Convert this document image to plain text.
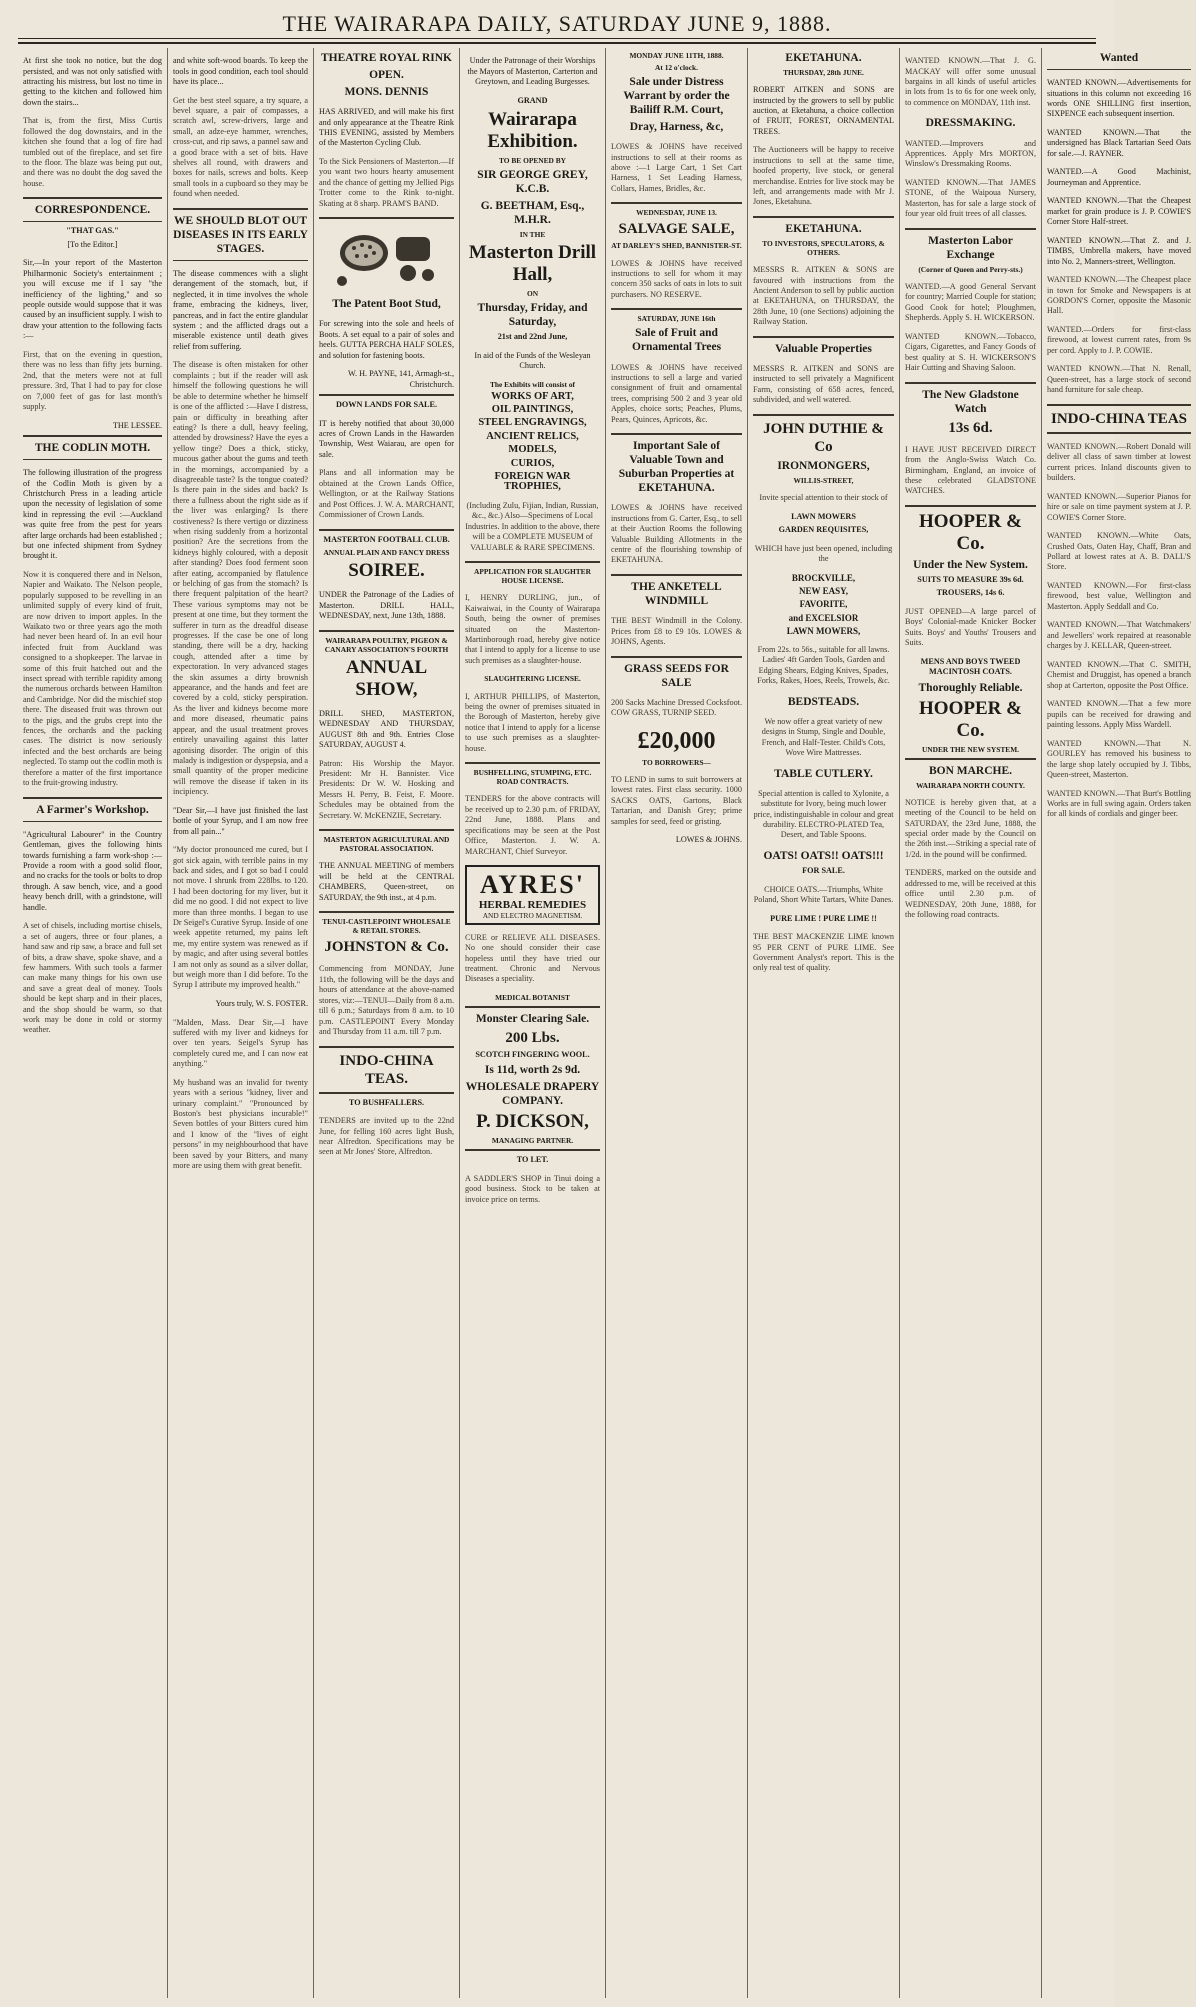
THE WAIRARAPA DAILY, SATURDAY JUNE 9, 1888.

At first she took no notice, but the dog persisted, and was not only satisfied with attracting his mistress, but lost no time in getting to the kitchen and followed him down the stairs...

That is, from the first, Miss Curtis followed the dog downstairs, and in the kitchen she found that a log of fire had tumbled out of the fireplace, and set fire to the floor. The blaze was being put out, and there was no doubt the dog saved the house.

CORRESPONDENCE.
"THAT GAS."
[To the Editor.]

Sir,—In your report of the Masterton Philharmonic Society's entertainment ; you will excuse me if I say "the inefficiency of the lighting," and so people outside would suppose that it was caused by an insufficient supply. I wish to draw your attention to the following facts :—

First, that on the evening in question, there was no less than fifty jets burning. 2nd, that the meters were not at full pressure. 3rd, That I had to pay for close on 7,000 feet of gas for last month's supply.

THE LESSEE.
THE CODLIN MOTH.

The following illustration of the progress of the Codlin Moth is given by a Christchurch Press in a leading article upon the necessity of legislation of some kind in repressing the evil :—Auckland was quite free from the pest for years after large orchards had been established ; but one infected shipment from Sydney brought it.

Now it is conquered there and in Nelson, Napier and Waikato. The Nelson people, popularly supposed to be revelling in an unlimited supply of every kind of fruit, are now driven to import apples. In the Waikato two or three years ago the moth had never been heard of. In an evil hour infected fruit from Auckland was consigned to a shopkeeper. The larvae in some of this fruit hatched out and the insect spread with terrible rapidity among the numerous orchards between Hamilton and Cambridge. Nor did the mischief stop there. The diseased fruit was thrown out to the pigs, and the grubs crept into the fences, the orchards and the packing cases. The district is now seriously infected and the best orchards are being neglected. To stamp out the codlin moth is therefore a matter of the first importance to the fruit-growing industry.

A Farmer's Workshop.

"Agricultural Labourer" in the Country Gentleman, gives the following hints towards furnishing a farm work-shop :—Provide a room with a good solid floor, and no cracks for the tools or bolts to drop through. A saw bench, vice, and a good heavy bench drill, with a grindstone, will handle.

A set of chisels, including mortise chisels, a set of augers, three or four planes, a hand saw and rip saw, a brace and full set of bits, a draw shave, spoke shave, and a few hammers. With such tools a farmer can make many things for his own use and save a great deal of money. Tools should be kept sharp and in their places, and the shop should be warm, so that work may be done in cold or stormy weather.

and white soft-wood boards. To keep the tools in good condition, each tool should have its place...

Get the best steel square, a try square, a bevel square, a pair of compasses, a scratch awl, screw-drivers, large and small, an adze-eye hammer, wrenches, cross-cut, and rip saws, a pannel saw and a good brace with a set of bits. Have shelves all round, with drawers and boxes for nails, screws and bolts. Keep small tools in a cupboard so they may be found when needed.

WE SHOULD BLOT OUT DISEASES IN ITS EARLY STAGES.

The disease commences with a slight derangement of the stomach, but, if neglected, it in time involves the whole frame, embracing the kidneys, liver, pancreas, and in fact the entire glandular system ; and the afflicted drags out a miserable existence until death gives relief from suffering.

The disease is often mistaken for other complaints ; but if the reader will ask himself the following questions he will be able to determine whether he himself is one of the afflicted :—Have I distress, pain or difficulty in breathing after eating? Is there a dull, heavy feeling, attended by drowsiness? Have the eyes a yellow tinge? Does a thick, sticky, mucous gather about the gums and teeth in the mornings, accompanied by a disagreeable taste? Is the tongue coated? Is there pain in the sides and back? Is there a fullness about the right side as if the liver was enlarging? Is there costiveness? Is there vertigo or dizziness when rising suddenly from a horizontal position? Are the secretions from the kidneys highly coloured, with a deposit after standing? Does food ferment soon after eating, accompanied by flatulence or belching of gas from the stomach? Is there frequent palpitation of the heart? These various symptoms may not be present at one time, but they torment the sufferer in turn as the dreadful disease progresses. If the case be one of long standing, there will be a dry, hacking cough, attended after a time by expectoration. In very advanced stages the skin assumes a dirty brownish appearance, and the hands and feet are covered by a cold, sticky perspiration. As the liver and kidneys become more and more diseased, rheumatic pains appear, and the usual treatment proves entirely unavailing against this latter agonising disorder. The origin of this malady is indigestion or dyspepsia, and a small quantity of the proper medicine will remove the disease if taken in its incipiency.

"Dear Sir,—I have just finished the last bottle of your Syrup, and I am now free from all pain..."

"My doctor pronounced me cured, but I got sick again, with terrible pains in my back and sides, and I got so bad I could not move. I shrunk from 228lbs. to 120. I had been doctoring for my liver, but it did me no good. I did not expect to live more than three months. I began to use Dr Seigel's Curative Syrup. Inside of one week appetite returned, my pains left me, my entire system was renewed as if by magic, and after using several bottles I am not only as sound as a silver dollar, but weigh more than I did before. To the Syrup I attribute my improved health."

Yours truly, W. S. FOSTER.

"Malden, Mass. Dear Sir,—I have suffered with my liver and kidneys for over ten years. Seigel's Syrup has completely cured me, and I can now eat anything."

My husband was an invalid for twenty years with a serious "kidney, liver and urinary complaint." "Pronounced by Boston's best physicians incurable!" Seven bottles of your Bitters cured him and I know of the "lives of eight persons" in my neighbourhood that have been saved by your Bitters, and many more are using them with great benefit.

THEATRE ROYAL RINK
OPEN.
MONS. DENNIS

HAS ARRIVED, and will make his first and only appearance at the Theatre Rink THIS EVENING, assisted by Members of the Masterton Cycling Club.

To the Sick Pensioners of Masterton.—If you want two hours hearty amusement and the chance of getting my Jellied Pigs Trotter come to the Rink to-night. Skating at 8 sharp. PRAM'S BAND.

The Patent Boot Stud,

For screwing into the sole and heels of Boots. A set equal to a pair of soles and heels. GUTTA PERCHA HALF SOLES, and solution for fastening boots.

W. H. PAYNE, 141, Armagh-st., Christchurch.
DOWN LANDS FOR SALE.

IT is hereby notified that about 30,000 acres of Crown Lands in the Hawarden Township, West Waiarau, are open for sale.

Plans and all information may be obtained at the Crown Lands Office, Wellington, or at the Railway Stations and Post Offices. J. W. A. MARCHANT, Commissioner of Crown Lands.

MASTERTON FOOTBALL CLUB.
ANNUAL PLAIN AND FANCY DRESS
SOIREE.

UNDER the Patronage of the Ladies of Masterton. DRILL HALL, WEDNESDAY, next, June 13th, 1888.

WAIRARAPA POULTRY, PIGEON & CANARY ASSOCIATION'S FOURTH
ANNUAL SHOW,

DRILL SHED, MASTERTON, WEDNESDAY AND THURSDAY, AUGUST 8th and 9th. Entries Close SATURDAY, AUGUST 4.

Patron: His Worship the Mayor. President: Mr H. Bannister. Vice Presidents: Dr W. W. Hosking and Messrs H. Perry, B. Feist, F. Moore. Schedules may be obtained from the Secretary. W. McKENZIE, Secretary.

MASTERTON AGRICULTURAL AND PASTORAL ASSOCIATION.

THE ANNUAL MEETING of members will be held at the CENTRAL CHAMBERS, Queen-street, on SATURDAY, the 9th inst., at 4 p.m.

TENUI-CASTLEPOINT WHOLESALE & RETAIL STORES.
JOHNSTON & Co.

Commencing from MONDAY, June 11th, the following will be the days and hours of attendance at the above-named stores, viz:—TENUI—Daily from 8 a.m. till 6 p.m.; Saturdays from 8 a.m. to 10 p.m. CASTLEPOINT Every Monday and Thursday from 11 a.m. till 7 p.m.

INDO-CHINA TEAS.
TO BUSHFALLERS.

TENDERS are invited up to the 22nd June, for felling 160 acres light Bush, near Alfredton. Specifications may be seen at Mr Jones' Store, Alfredton.

Under the Patronage of their Worships the Mayors of Masterton, Carterton and Greytown, and Leading Burgesses.

GRAND
Wairarapa Exhibition.
TO BE OPENED BY
SIR GEORGE GREY, K.C.B.
G. BEETHAM, Esq., M.H.R.
IN THE
Masterton Drill Hall,
ON
Thursday, Friday, and Saturday,
21st and 22nd June,

In aid of the Funds of the Wesleyan Church.

The Exhibits will consist of
WORKS OF ART,
OIL PAINTINGS,
STEEL ENGRAVINGS,
ANCIENT RELICS,
MODELS,
CURIOS,
FOREIGN WAR TROPHIES,

(Including Zulu, Fijian, Indian, Russian, &c., &c.) Also—Specimens of Local Industries. In addition to the above, there will be a COMPLETE MUSEUM of VALUABLE & RARE SPECIMENS.

APPLICATION FOR SLAUGHTER HOUSE LICENSE.

I, HENRY DURLING, jun., of Kaiwaiwai, in the County of Wairarapa South, being the owner of premises situated on the Masterton-Martinborough road, hereby give notice that I intend to apply for a license to use such premises as a slaughter-house.

SLAUGHTERING LICENSE.

I, ARTHUR PHILLIPS, of Masterton, being the owner of premises situated in the Borough of Masterton, hereby give notice that I intend to apply for a license to use such premises as a slaughter-house.

BUSHFELLING, STUMPING, ETC. ROAD CONTRACTS.

TENDERS for the above contracts will be received up to 2.30 p.m. of FRIDAY, 22nd June, 1888. Plans and specifications may be seen at the Post Office, Masterton. J. W. A. MARCHANT, Chief Surveyor.

AYRES'
HERBAL REMEDIES
AND ELECTRO MAGNETISM.

CURE or RELIEVE ALL DISEASES. No one should consider their case hopeless until they have tried our treatment. Chronic and Nervous Diseases a speciality.

MEDICAL BOTANIST
Monster Clearing Sale.
200 Lbs.
SCOTCH FINGERING WOOL.
Is 11d, worth 2s 9d.
WHOLESALE DRAPERY COMPANY.
P. DICKSON,
MANAGING PARTNER.
TO LET.

A SADDLER'S SHOP in Tinui doing a good business. Stock to be taken at invoice price on terms.

MONDAY JUNE 11TH, 1888.
At 12 o'clock.
Sale under Distress Warrant by order the Bailiff R.M. Court,
Dray, Harness, &c,

LOWES & JOHNS have received instructions to sell at their rooms as above :—1 Large Cart, 1 Set Cart Harness, 1 Set Leading Harness, Collars, Hames, Bridles, &c.

WEDNESDAY, JUNE 13.
SALVAGE SALE,
AT DARLEY'S SHED, BANNISTER-ST.

LOWES & JOHNS have received instructions to sell for whom it may concern 350 sacks of oats in lots to suit purchasers. NO RESERVE.

SATURDAY, JUNE 16th
Sale of Fruit and Ornamental Trees

LOWES & JOHNS have received instructions to sell a large and varied consignment of fruit and ornamental trees, comprising 500 2 and 3 year old Apples, choice sorts; Peaches, Plums, Pears, Quinces, Apricots, &c.

Important Sale of Valuable Town and Suburban Properties at EKETAHUNA.

LOWES & JOHNS have received instructions from G. Carter, Esq., to sell at their Auction Rooms the following Valuable Building Allotments in the centre of the flourishing township of EKETAHUNA.

THE ANKETELL WINDMILL

THE BEST Windmill in the Colony. Prices from £8 to £9 10s. LOWES & JOHNS, Agents.

GRASS SEEDS FOR SALE

200 Sacks Machine Dressed Cocksfoot. COW GRASS, TURNIP SEED.

£20,000
TO BORROWERS—

TO LEND in sums to suit borrowers at lowest rates. First class security. 1000 SACKS OATS, Gartons, Black Tartarian, and Danish Grey; prime samples for seed, feed or gristing.

LOWES & JOHNS.
EKETAHUNA.
THURSDAY, 28th JUNE.

ROBERT AITKEN and SONS are instructed by the growers to sell by public auction, at Eketahuna, a choice collection of FRUIT, FOREST, ORNAMENTAL TREES.

The Auctioneers will be happy to receive instructions to sell at the same time, hoofed property, live stock, or general merchandise. Entries for live stock may be left, and arrangements made with Mr J. Jones, Eketahuna.

EKETAHUNA.
TO INVESTORS, SPECULATORS, & OTHERS.

MESSRS R. AITKEN & SONS are favoured with instructions from the Ancient Anderson to sell by public auction at EKETAHUNA, on THURSDAY, the 28th June, 10 (one Sections) adjoining the Railway Station.

Valuable Properties

MESSRS R. AITKEN and SONS are instructed to sell privately a Magnificent Farm, consisting of 658 acres, fenced, subdivided, and well watered.

JOHN DUTHIE & Co
IRONMONGERS,
WILLIS-STREET,

Invite special attention to their stock of

LAWN MOWERS
GARDEN REQUISITES,

WHICH have just been opened, including the

BROCKVILLE,
NEW EASY,
FAVORITE,
and EXCELSIOR
LAWN MOWERS,

From 22s. to 56s., suitable for all lawns. Ladies' 4ft Garden Tools, Garden and Edging Shears, Edging Knives, Spades, Forks, Rakes, Hoes, Reels, Trowels, &c.

BEDSTEADS.

We now offer a great variety of new designs in Stump, Single and Double, French, and Half-Tester. Child's Cots, Wove Wire Mattresses.

TABLE CUTLERY.

Special attention is called to Xylonite, a substitute for Ivory, being much lower price, indistinguishable in colour and great durability. ELECTRO-PLATED Tea, Desert, and Table Spoons.

OATS! OATS!! OATS!!!
FOR SALE.

CHOICE OATS.—Triumphs, White Poland, Short White Tartars, White Danes.

PURE LIME ! PURE LIME !!

THE BEST MACKENZIE LIME known 95 PER CENT of PURE LIME. See Government Analyst's report. This is the only real test of quality.

WANTED KNOWN.—That J. G. MACKAY will offer some unusual bargains in all kinds of useful articles in lots from 1s to 6s for one week only, to commence on MONDAY, 11th inst.

DRESSMAKING.

WANTED.—Improvers and Apprentices. Apply Mrs MORTON, Winslow's Dressmaking Rooms.

WANTED KNOWN.—That JAMES STONE, of the Waipoua Nursery, Masterton, has for sale a large stock of four year old fruit trees of all classes.

Masterton Labor Exchange
(Corner of Queen and Perry-sts.)

WANTED.—A good General Servant for country; Married Couple for station; Good Cook for hotel; Ploughmen, Shepherds. Apply S. H. WICKERSON.

WANTED KNOWN.—Tobacco, Cigars, Cigarettes, and Fancy Goods of best quality at S. H. WICKERSON'S Hair Cutting and Shaving Saloon.

The New Gladstone Watch
13s 6d.

I HAVE JUST RECEIVED DIRECT from the Anglo-Swiss Watch Co. Birmingham, England, an invoice of these celebrated GLADSTONE WATCHES.

HOOPER & Co.
Under the New System.
SUITS TO MEASURE 39s 6d.
TROUSERS, 14s 6.

JUST OPENED—A large parcel of Boys' Colonial-made Knicker Bocker Suits. Boys' and Youths' Trousers and Suits.

MENS AND BOYS TWEED MACINTOSH COATS.
Thoroughly Reliable.
HOOPER & Co.
UNDER THE NEW SYSTEM.
BON MARCHE.
WAIRARAPA NORTH COUNTY.

NOTICE is hereby given that, at a meeting of the Council to be held on SATURDAY, the 23rd June, 1888, the special order made by the Council on the 26th inst.—Striking a special rate of 1/2d. in the pound will be confirmed.

TENDERS, marked on the outside and addressed to me, will be received at this office until 2.30 p.m. of WEDNESDAY, 20th June, 1888, for the following road contracts.

Wanted

WANTED KNOWN.—Advertisements for situations in this column not exceeding 16 words ONE SHILLING first insertion, SIXPENCE each subsequent insertion.

WANTED KNOWN.—That the undersigned has Black Tartarian Seed Oats for sale.—J. RAYNER.

WANTED.—A Good Machinist, Journeyman and Apprentice.

WANTED KNOWN.—That the Cheapest market for grain produce is J. P. COWIE'S Corner Store Half-street.

WANTED KNOWN.—That Z. and J. TIMBS, Umbrella makers, have moved into No. 2, Manners-street, Wellington.

WANTED KNOWN.—The Cheapest place in town for Smoke and Newspapers is at GORDON'S Corner, opposite the Masonic Hall.

WANTED.—Orders for first-class firewood, at lowest current rates, from 9s per cord. Apply to J. P. COWIE.

WANTED KNOWN.—That N. Renall, Queen-street, has a large stock of second hand furniture for sale cheap.

INDO-CHINA TEAS

WANTED KNOWN.—Robert Donald will deliver all class of sawn timber at lowest current prices. Inland discounts given to builders.

WANTED KNOWN.—Superior Pianos for hire or sale on time payment system at J. P. COWIE'S Corner Store.

WANTED KNOWN.—White Oats, Crushed Oats, Oaten Hay, Chaff, Bran and Pollard at lowest rates at A. B. DALL'S Store.

WANTED KNOWN.—For first-class firewood, best value, Wellington and Masterton. Apply Seddall and Co.

WANTED KNOWN.—That Watchmakers' and Jewellers' work repaired at reasonable charges by J. KELLAR, Queen-street.

WANTED KNOWN.—That C. SMITH, Chemist and Druggist, has opened a branch shop at Carterton, opposite the Post Office.

WANTED KNOWN.—That a few more pupils can be received for drawing and painting lessons. Apply Miss Wardell.

WANTED KNOWN.—That N. GOURLEY has removed his business to the large shop lately occupied by J. Tibbs, Queen-street, Masterton.

WANTED KNOWN.—That Burt's Bottling Works are in full swing again. Orders taken for all kinds of cordials and ginger beer.
